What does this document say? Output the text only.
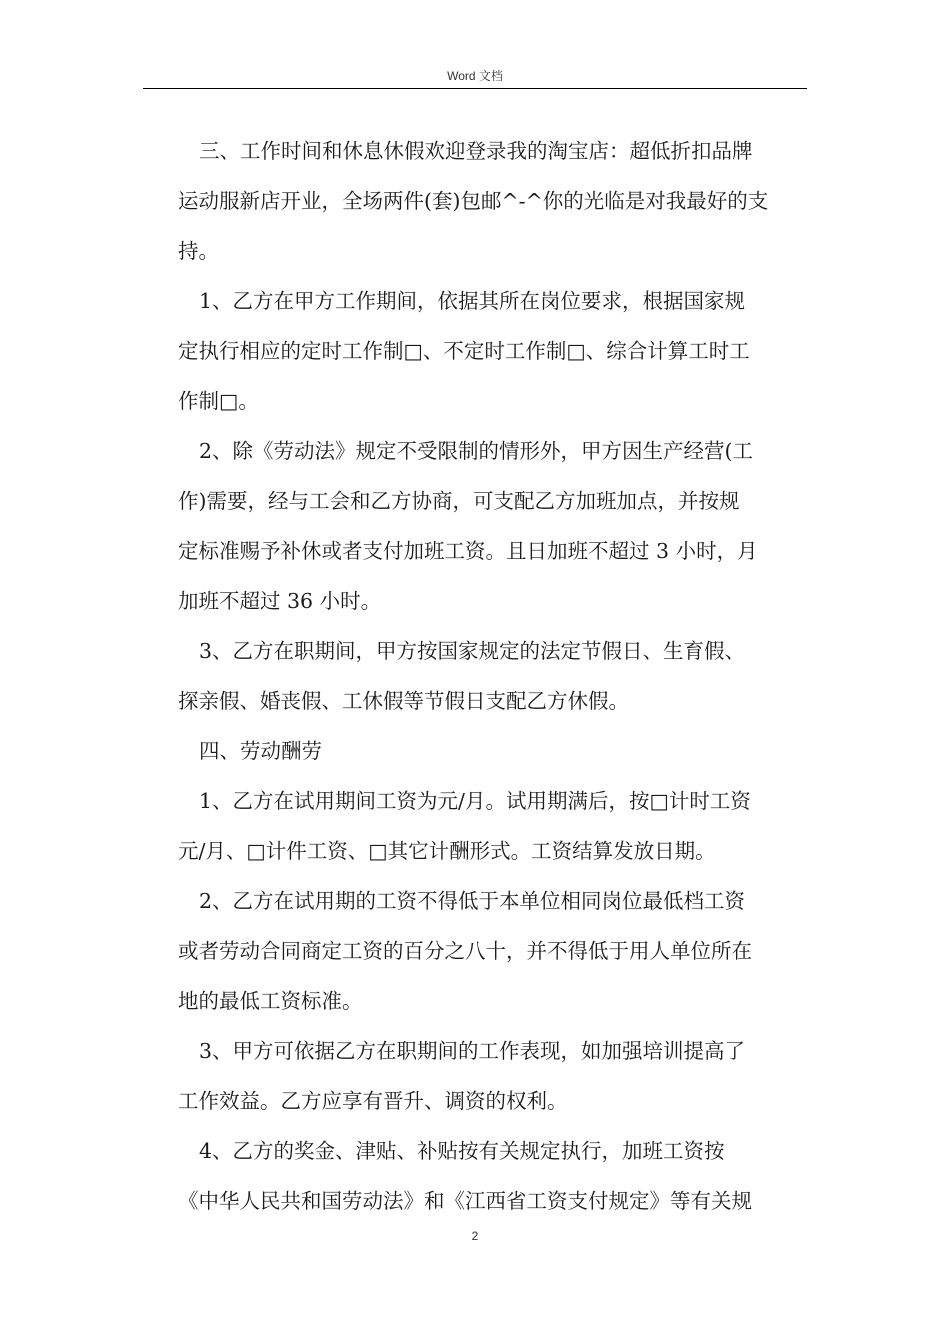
Word 文档

三、工作时间和休息休假欢迎登录我的淘宝店：超低折扣品牌
运动服新店开业，全场两件(套)包邮^-^你的光临是对我最好的支
持。

1、乙方在甲方工作期间，依据其所在岗位要求，根据国家规
定执行相应的定时工作制□、不定时工作制□、综合计算工时工
作制□。

2、除《劳动法》规定不受限制的情形外，甲方因生产经营(工
作)需要，经与工会和乙方协商，可支配乙方加班加点，并按规
定标准赐予补休或者支付加班工资。且日加班不超过 3 小时，月
加班不超过 36 小时。

3、乙方在职期间，甲方按国家规定的法定节假日、生育假、
探亲假、婚丧假、工休假等节假日支配乙方休假。

四、劳动酬劳

1、乙方在试用期间工资为元/月。试用期满后，按□计时工资
元/月、□计件工资、□其它计酬形式。工资结算发放日期。

2、乙方在试用期的工资不得低于本单位相同岗位最低档工资
或者劳动合同商定工资的百分之八十，并不得低于用人单位所在
地的最低工资标准。

3、甲方可依据乙方在职期间的工作表现，如加强培训提高了
工作效益。乙方应享有晋升、调资的权利。

4、乙方的奖金、津贴、补贴按有关规定执行，加班工资按
《中华人民共和国劳动法》和《江西省工资支付规定》等有关规

2
